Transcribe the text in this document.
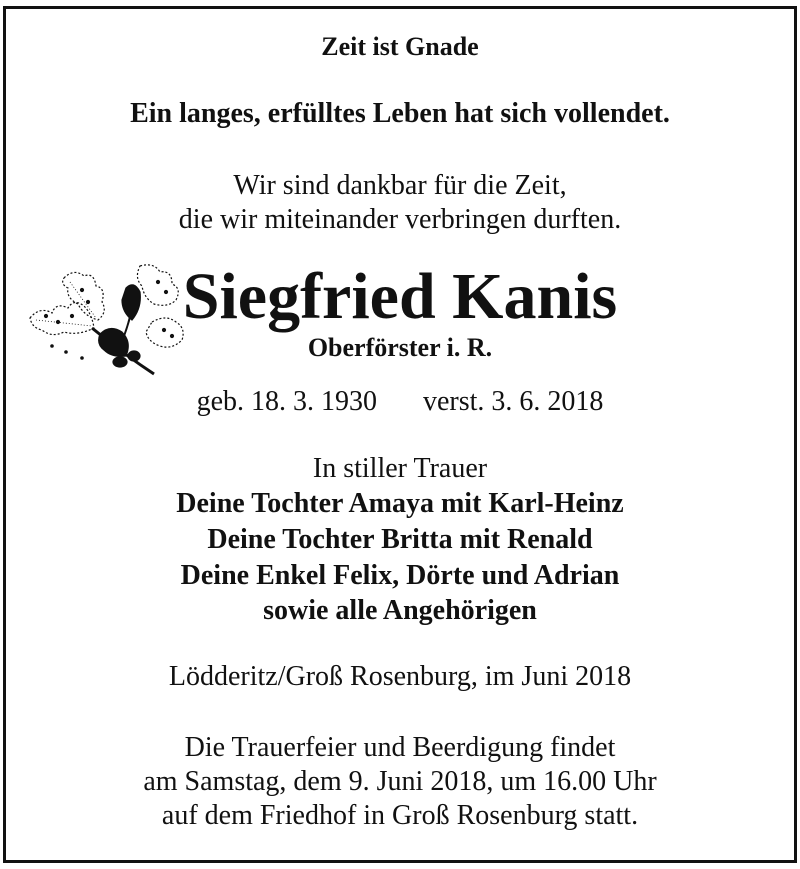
Zeit ist Gnade
Ein langes, erfülltes Leben hat sich vollendet.
Wir sind dankbar für die Zeit,
die wir miteinander verbringen durften.
Siegfried Kanis
Oberförster i. R.
geb. 18. 3. 1930 verst. 3. 6. 2018
In stiller Trauer
Deine Tochter Amaya mit Karl-Heinz
Deine Tochter Britta mit Renald
Deine Enkel Felix, Dörte und Adrian
sowie alle Angehörigen
Lödderitz/Groß Rosenburg, im Juni 2018
Die Trauerfeier und Beerdigung findet
am Samstag, dem 9. Juni 2018, um 16.00 Uhr
auf dem Friedhof in Groß Rosenburg statt.
